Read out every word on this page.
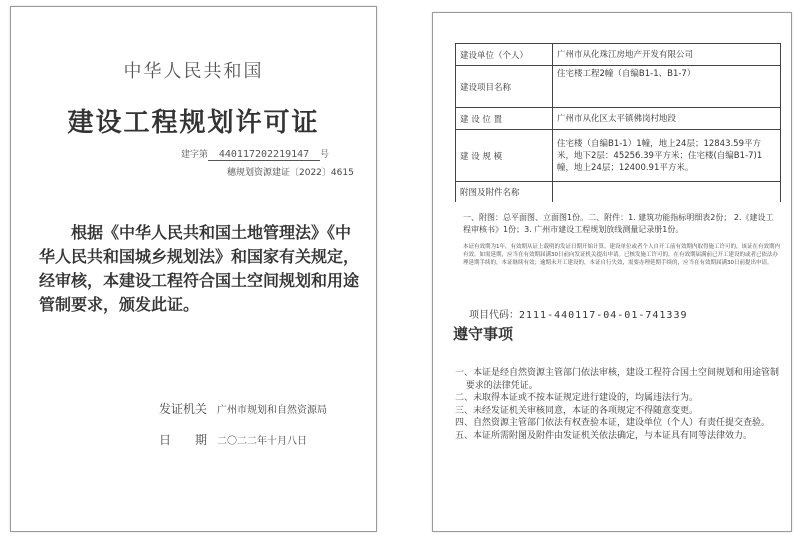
中华人民共和国
建设工程规划许可证
建字第 440117202219147 号
穗规划资源建证〔2022〕4615
根据《中华人民共和国土地管理法》《中华人民共和国城乡规划法》和国家有关规定，经审核，本建设工程符合国土空间规划和用途管制要求，颁发此证。
发证机关 广州市规划和自然资源局
日　　期 二〇二二年十月八日
建设单位（个人）	广州市从化珠江房地产开发有限公司
建设项目名称	住宅楼工程2幢（自编B1-1、B1-7）
建 设 位 置	广州市从化区太平镇佛岗村地段
建 设 规 模	住宅楼（自编B1-1）1幢，地上24层；12843.59平方米，地下2层：45256.39平方米；住宅楼(自编B1-7)1幢，地上24层；12400.91平方米。
附图及附件名称	
一、附图：总平面图、立面图1份。二、附件：1. 建筑功能指标明细表2份； 2.《建设工程审核书》1份；3. 广州市建设工程规划放线测量记录册1份。
本证有效期为1年，有效期从证上载明的发证日期开始计算。建设单位或者个人自开工前有效期内取得施工许可的，该证在有效期内有效。如需延期，应当在有效期届满30日前向发证机关提出申请。已核发施工许可的，在有效期届满前已开工建设的或者已依法办理延期手续的，本证继续有效；逾期未开工建设的，本证自行失效，需要办理延期手续的，应当在有效期届满30日前提出申请。
项目代码：2111-440117-04-01-741339
遵守事项
一、本证是经自然资源主管部门依法审核，建设工程符合国土空间规划和用途管制要求的法律凭证。
二、未取得本证或不按本证规定进行建设的，均属违法行为。
三、未经发证机关审核同意，本证的各项规定不得随意变更。
四、自然资源主管部门依法有权查验本证，建设单位（个人）有责任提交查验。
五、本证所需附图及附件由发证机关依法确定，与本证具有同等法律效力。
